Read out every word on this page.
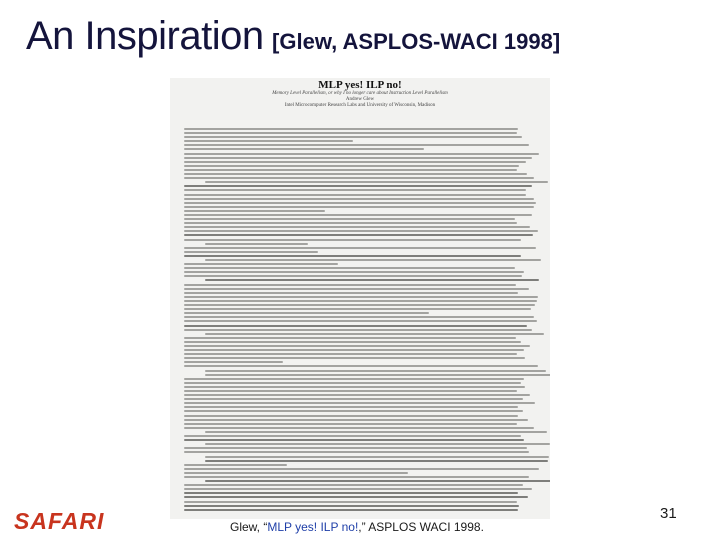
An Inspiration [Glew, ASPLOS-WACI 1998]
MLP yes! ILP no!
Memory Level Parallelism, or why I no longer care about Instruction Level Parallelism
Andrew Glew
Intel Microcomputer Research Labs and University of Wisconsin, Madison
SAFARI	Glew, “MLP yes! ILP no!,” ASPLOS WACI 1998.
31
